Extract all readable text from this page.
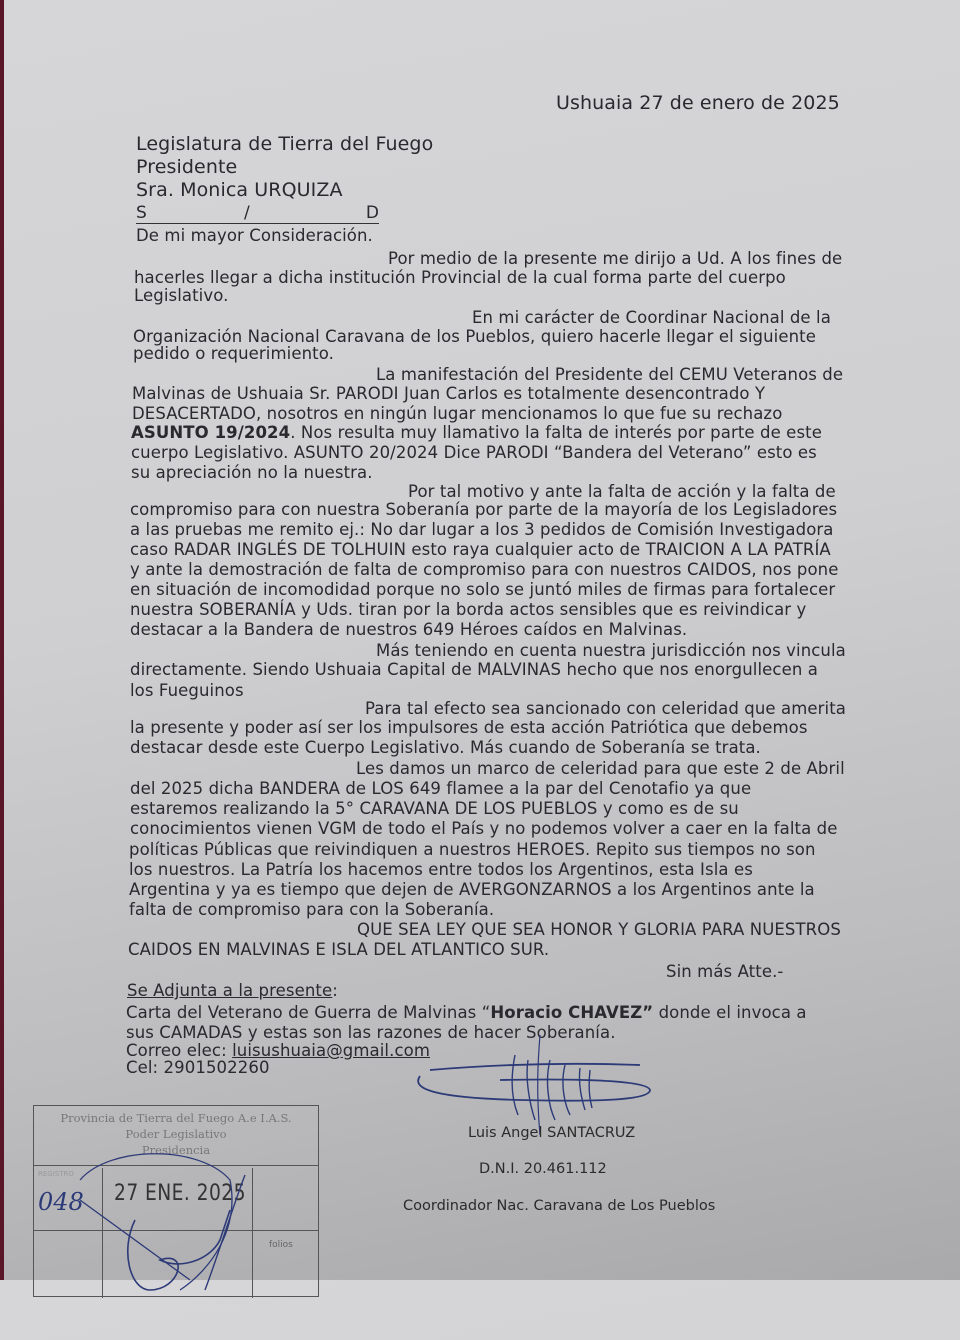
Ushuaia 27 de enero de 2025
Legislatura de Tierra del Fuego
Presidente
Sra. Monica URQUIZA
S	/	D
De mi mayor Consideración.
Por medio de la presente me dirijo a Ud. A los fines de
hacerles llegar a dicha institución Provincial de la cual forma parte del cuerpo
Legislativo.
En mi carácter de Coordinar Nacional de la
Organización Nacional Caravana de los Pueblos, quiero hacerle llegar el siguiente
pedido o requerimiento.
La manifestación del Presidente del CEMU Veteranos de
Malvinas de Ushuaia Sr. PARODI Juan Carlos es totalmente desencontrado Y
DESACERTADO, nosotros en ningún lugar mencionamos lo que fue su rechazo
ASUNTO 19/2024. Nos resulta muy llamativo la falta de interés por parte de este
cuerpo Legislativo. ASUNTO 20/2024 Dice PARODI “Bandera del Veterano” esto es
su apreciación no la nuestra.
Por tal motivo y ante la falta de acción y la falta de
compromiso para con nuestra Soberanía por parte de la mayoría de los Legisladores
a las pruebas me remito ej.: No dar lugar a los 3 pedidos de Comisión Investigadora
caso RADAR INGLÉS DE TOLHUIN esto raya cualquier acto de TRAICION A LA PATRÍA
y ante la demostración de falta de compromiso para con nuestros CAIDOS, nos pone
en situación de incomodidad porque no solo se juntó miles de firmas para fortalecer
nuestra SOBERANÍA y Uds. tiran por la borda actos sensibles que es reivindicar y
destacar a la Bandera de nuestros 649 Héroes caídos en Malvinas.
Más teniendo en cuenta nuestra jurisdicción nos vincula
directamente. Siendo Ushuaia Capital de MALVINAS hecho que nos enorgullecen a
los Fueguinos
Para tal efecto sea sancionado con celeridad que amerita
la presente y poder así ser los impulsores de esta acción Patriótica que debemos
destacar desde este Cuerpo Legislativo. Más cuando de Soberanía se trata.
Les damos un marco de celeridad para que este 2 de Abril
del 2025 dicha BANDERA de LOS 649 flamee a la par del Cenotafio ya que
estaremos realizando la 5° CARAVANA DE LOS PUEBLOS y como es de su
conocimientos vienen VGM de todo el País y no podemos volver a caer en la falta de
políticas Públicas que reivindiquen a nuestros HEROES. Repito sus tiempos no son
los nuestros. La Patría los hacemos entre todos los Argentinos, esta Isla es
Argentina y ya es tiempo que dejen de AVERGONZARNOS a los Argentinos ante la
falta de compromiso para con la Soberanía.
QUE SEA LEY QUE SEA HONOR Y GLORIA PARA NUESTROS
CAIDOS EN MALVINAS E ISLA DEL ATLANTICO SUR.
Sin más Atte.-
Se Adjunta a la presente:
Carta del Veterano de Guerra de Malvinas “Horacio CHAVEZ” donde el invoca a
sus CAMADAS y estas son las razones de hacer Soberanía.
Correo elec: luisushuaia@gmail.com
Cel: 2901502260
Luis Angel SANTACRUZ
D.N.I. 20.461.112
Coordinador Nac. Caravana de Los Pueblos
Provincia de Tierra del Fuego A.e I.A.S.
Poder Legislativo
Presidencia
REGISTRO
048 27 ENE. 2025
folios
